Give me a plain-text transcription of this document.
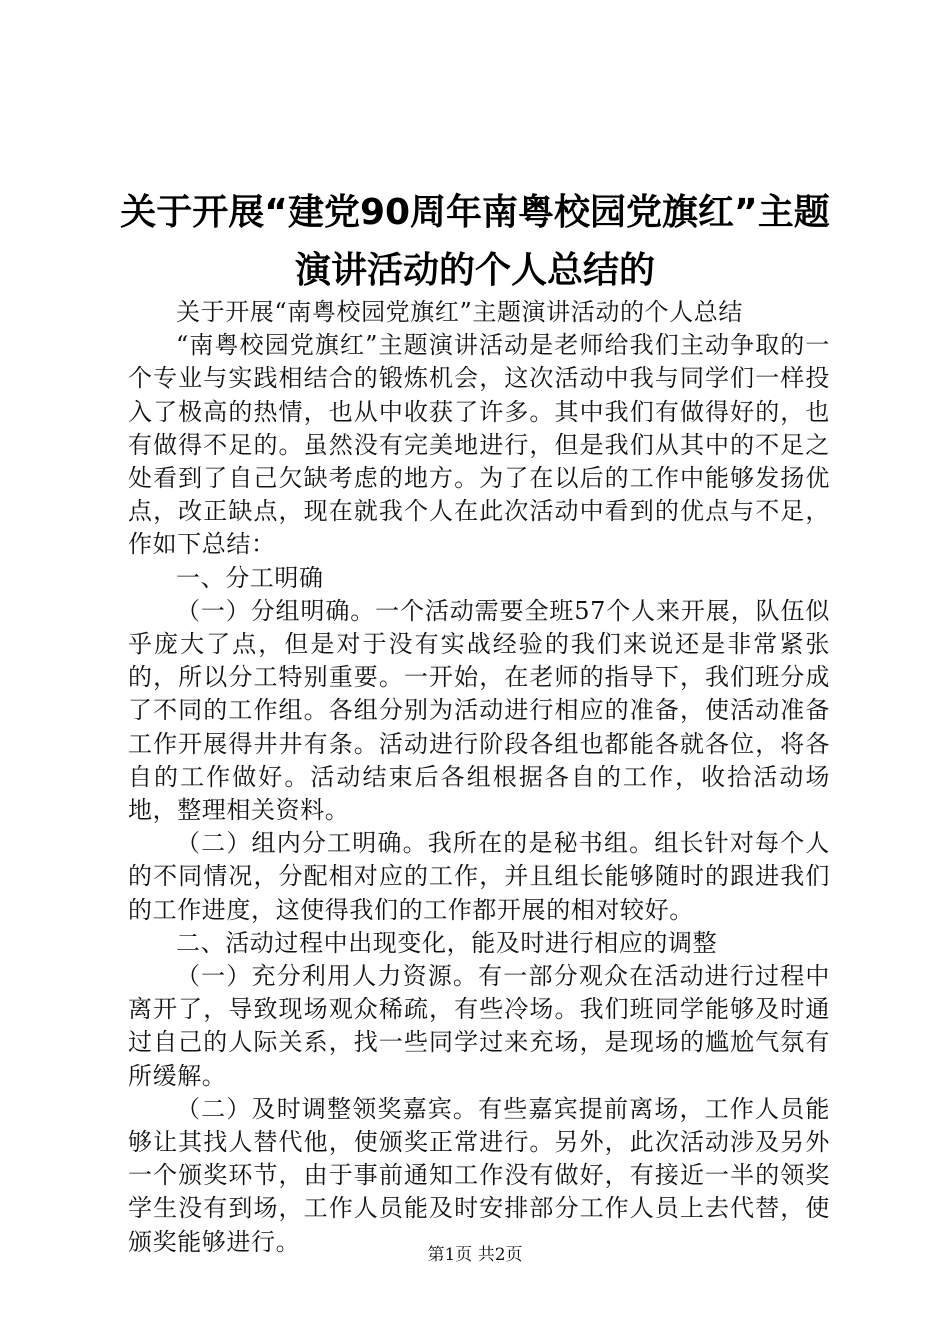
关于开展“建党90周年南粤校园党旗红”主题演讲活动的个人总结的

关于开展“南粤校园党旗红”主题演讲活动的个人总结

“南粤校园党旗红”主题演讲活动是老师给我们主动争取的一个专业与实践相结合的锻炼机会，这次活动中我与同学们一样投入了极高的热情，也从中收获了许多。其中我们有做得好的，也有做得不足的。虽然没有完美地进行，但是我们从其中的不足之处看到了自己欠缺考虑的地方。为了在以后的工作中能够发扬优点，改正缺点，现在就我个人在此次活动中看到的优点与不足，作如下总结：

一、分工明确

（一）分组明确。一个活动需要全班57个人来开展，队伍似乎庞大了点，但是对于没有实战经验的我们来说还是非常紧张的，所以分工特别重要。一开始，在老师的指导下，我们班分成了不同的工作组。各组分别为活动进行相应的准备，使活动准备工作开展得井井有条。活动进行阶段各组也都能各就各位，将各自的工作做好。活动结束后各组根据各自的工作，收拾活动场地，整理相关资料。

（二）组内分工明确。我所在的是秘书组。组长针对每个人的不同情况，分配相对应的工作，并且组长能够随时的跟进我们的工作进度，这使得我们的工作都开展的相对较好。

二、活动过程中出现变化，能及时进行相应的调整

（一）充分利用人力资源。有一部分观众在活动进行过程中离开了，导致现场观众稀疏，有些冷场。我们班同学能够及时通过自己的人际关系，找一些同学过来充场，是现场的尴尬气氛有所缓解。

（二）及时调整领奖嘉宾。有些嘉宾提前离场，工作人员能够让其找人替代他，使颁奖正常进行。另外，此次活动涉及另外一个颁奖环节，由于事前通知工作没有做好，有接近一半的领奖学生没有到场，工作人员能及时安排部分工作人员上去代替，使颁奖能够进行。	第1页 共2页
